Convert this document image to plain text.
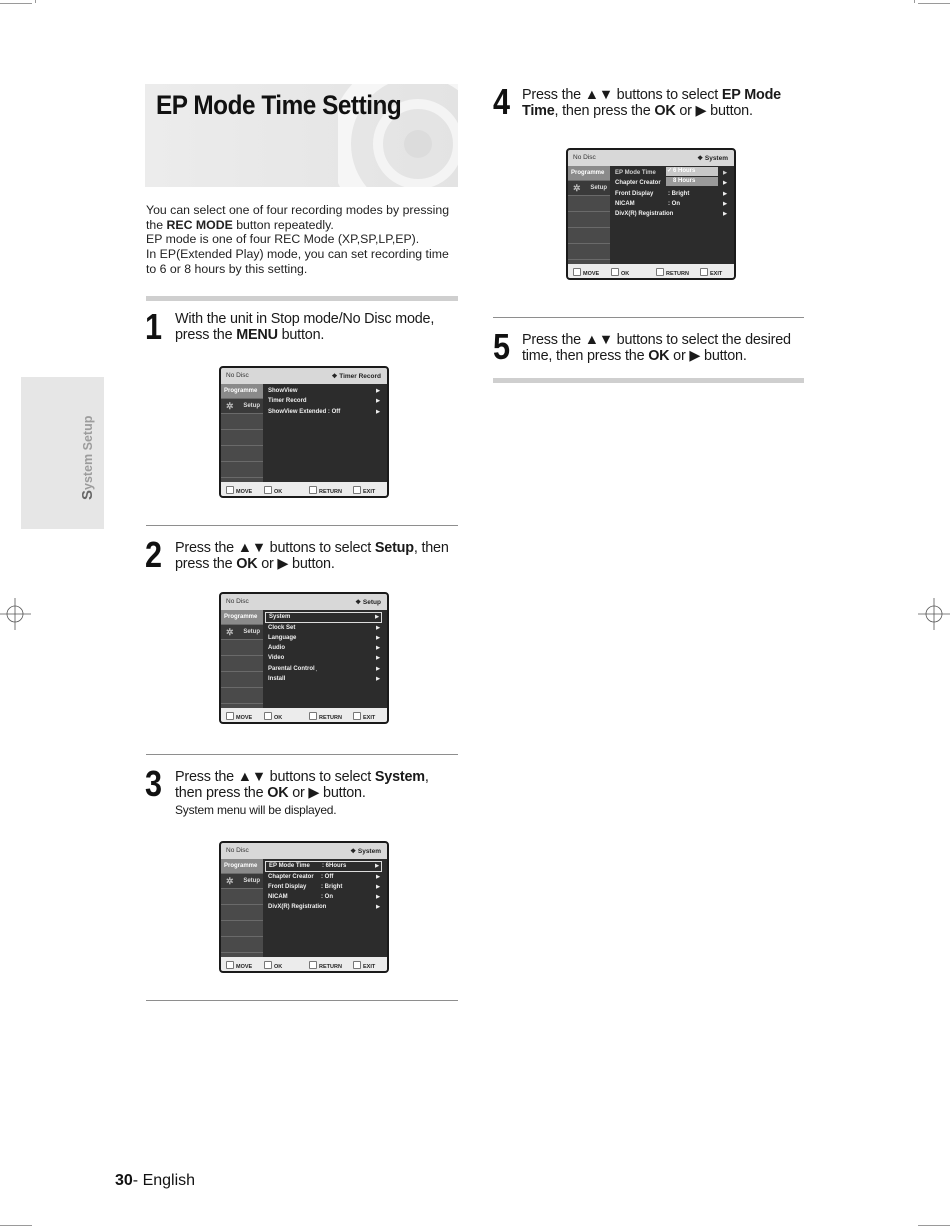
EP Mode Time Setting

You can select one of four recording modes by pressing

the REC MODE button repeatedly.

EP mode is one of four REC Mode (XP,SP,LP,EP).

In EP(Extended Play) mode, you can set recording time

to 6 or 8 hours by this setting.

System Setup
1 With the unit in Stop mode/No Disc mode,
press the MENU button.
2 Press the ▲▼ buttons to select Setup, then
press the OK or ▶ button.
3 Press the ▲▼ buttons to select System,
then press the OK or ▶ button.
System menu will be displayed.
4 Press the ▲▼ buttons to select EP Mode
Time, then press the OK or ▶ button.
5 Press the ▲▼ buttons to select the desired
time, then press the OK or ▶ button.
No Disc	❖ Timer Record
Programme
✲ Setup
ShowView	▶
Timer Record	▶
ShowView Extended : Off	▶
MOVE	OK	RETURN	EXIT
No Disc	❖ Setup
Programme
✲ Setup
System	▶
Clock Set	▶
Language	▶
Audio	▶
Video	▶
Parental Control ̣	▶
Install	▶
MOVE	OK	RETURN	EXIT
No Disc	❖ System
Programme
✲ Setup
EP Mode Time : 6Hours	▶
Chapter Creator : Off	▶
Front Display : Bright	▶
NICAM	: On	▶
DivX(R) Registration	▶
MOVE	OK	RETURN	EXIT
No Disc	❖ System
Programme
✲ Setup
EP Mode Time	▶
Chapter Creator	▶
Front Display : Bright	▶
NICAM	: On	▶
DivX(R) Registration	▶
✓ 6 Hours
8 Hours
MOVE	OK	RETURN	EXIT
30- English
